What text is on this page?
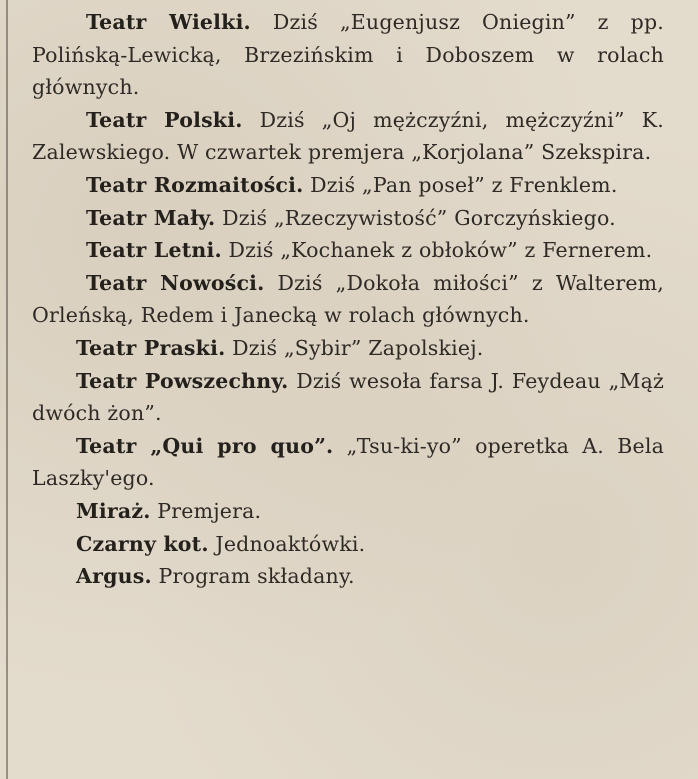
Teatr Wielki. Dziś „Eugenjusz Oniegin” z pp. Polińską-Lewicką, Brzezińskim i Doboszem w rolach głównych.

Teatr Polski. Dziś „Oj mężczyźni, mężczyźni” K. Zalewskiego. W czwartek premjera „Korjolana” Szekspira.

Teatr Rozmaitości. Dziś „Pan poseł” z Frenklem.

Teatr Mały. Dziś „Rzeczywistość” Gorczyńskiego.

Teatr Letni. Dziś „Kochanek z obłoków” z Fernerem.

Teatr Nowości. Dziś „Dokoła miłości” z Walterem, Orleńską, Redem i Janecką w rolach głównych.

Teatr Praski. Dziś „Sybir” Zapolskiej.

Teatr Powszechny. Dziś wesoła farsa J. Feydeau „Mąż dwóch żon”.

Teatr „Qui pro quo”. „Tsu-ki-yo” operetka A. Bela Laszky'ego.

Miraż. Premjera.

Czarny kot. Jednoaktówki.

Argus. Program składany.
